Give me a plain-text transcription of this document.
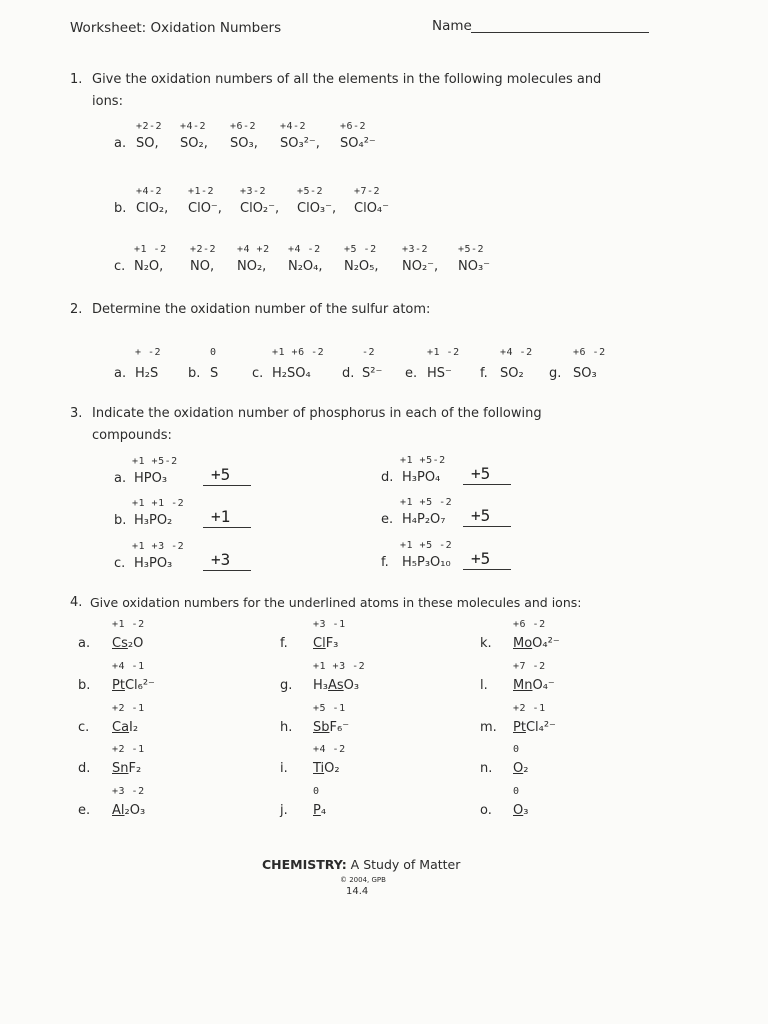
Worksheet: Oxidation Numbers	Name
1. Give the oxidation numbers of all the elements in the following molecules and
ions:
a.
+2-2
SO,
+4-2
SO₂,
+6-2
SO₃,
+4-2
SO₃²⁻,
+6-2
SO₄²⁻
b.
+4-2
ClO₂,
+1-2
ClO⁻,
+3-2
ClO₂⁻,
+5-2
ClO₃⁻,
+7-2
ClO₄⁻
c.
+1 -2
N₂O,
+2-2
NO,
+4 +2
NO₂,
+4 -2
N₂O₄,
+5 -2
N₂O₅,
+3-2
NO₂⁻,
+5-2
NO₃⁻
2. Determine the oxidation number of the sulfur atom:
a.
+ -2
H₂S b.
0
S	c.
+1 +6 -2
H₂SO₄ d.
-2
S²⁻ e.
+1 -2
HS⁻ f.
+4 -2
SO₂ g.
+6 -2
SO₃
3. Indicate the oxidation number of phosphorus in each of the following
compounds:
a.
+1 +5-2
HPO₃	+5
b.
+1 +1 -2
H₃PO₂ +1
c.
+1 +3 -2
H₃PO₃ +3
d.
+1 +5-2
H₃PO₄ +5
e.
+1 +5 -2
H₄P₂O₇ +5
f.
+1 +5 -2
H₅P₃O₁₀ +5
4. Give oxidation numbers for the underlined atoms in these molecules and ions:
a.
+1 -2
Cs₂O
b.
+4 -1
PtCl₆²⁻
c.
+2 -1
CaI₂
d.
+2 -1
SnF₂
e.
+3 -2
Al₂O₃
f.
+3 -1
ClF₃
g.
+1 +3 -2
H₃AsO₃
h.
+5 -1
SbF₆⁻
i.
+4 -2
TiO₂
j.
0
P₄
k.
+6 -2
MoO₄²⁻
l.
+7 -2
MnO₄⁻
m.
+2 -1
PtCl₄²⁻
n.
0
O₂
o.
0
O₃
CHEMISTRY: A Study of Matter
© 2004, GPB
14.4
